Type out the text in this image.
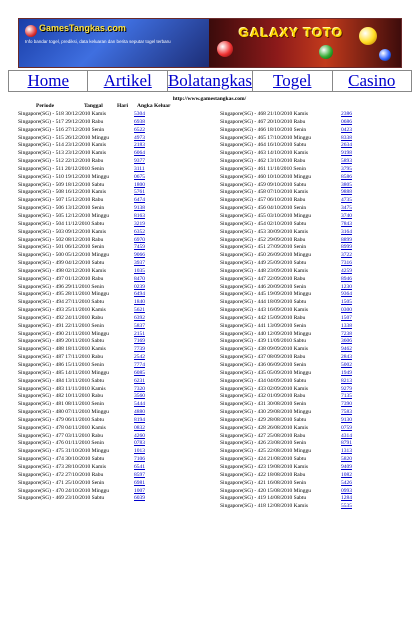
GamesTangkas.com
Info bandar togel, prediksi, data keluaran dan berita seputar togel terbaru
GALAXY TOTO
Home	Artikel Bolatangkas	Togel	Casino
http://www.gamestangkas.com/
Periode	Tanggal	Hari Angka Keluar
Singapore(SG) - 518 30/12/2010 Kamis	5304
Singapore(SG) - 517 29/12/2010 Rabu	6938
Singapore(SG) - 516 27/12/2010 Senin	6522
Singapore(SG) - 515 26/12/2010 Minggu	4973
Singapore(SG) - 514 23/12/2010 Kamis	2183
Singapore(SG) - 513 23/12/2010 Kamis	6064
Singapore(SG) - 512 22/12/2010 Rabu	9377
Singapore(SG) - 511 20/12/2010 Senin	3111
Singapore(SG) - 510 19/12/2010 Minggu	0675
Singapore(SG) - 509 18/12/2010 Sabtu	1800
Singapore(SG) - 508 16/12/2010 Kamis	5761
Singapore(SG) - 507 15/12/2010 Rabu	6474
Singapore(SG) - 506 13/12/2010 Senin	9138
Singapore(SG) - 505 12/12/2010 Minggu	8163
Singapore(SG) - 504 11/12/2010 Sabtu	3219
Singapore(SG) - 503 09/12/2010 Kamis	6352
Singapore(SG) - 502 08/12/2010 Rabu	6970
Singapore(SG) - 501 06/12/2010 Senin	7459
Singapore(SG) - 500 05/12/2010 Minggu	9066
Singapore(SG) - 499 04/12/2010 Sabtu	3937
Singapore(SG) - 498 02/12/2010 Kamis	1035
Singapore(SG) - 497 01/12/2010 Rabu	8470
Singapore(SG) - 496 29/11/2010 Senin	0239
Singapore(SG) - 495 28/11/2010 Minggu	6494
Singapore(SG) - 494 27/11/2010 Sabtu	1840
Singapore(SG) - 493 25/11/2010 Kamis	5621
Singapore(SG) - 492 24/11/2010 Rabu	6392
Singapore(SG) - 491 22/11/2010 Senin	5837
Singapore(SG) - 490 21/11/2010 Minggu	2151
Singapore(SG) - 489 20/11/2010 Sabtu	7169
Singapore(SG) - 488 18/11/2010 Kamis	7739
Singapore(SG) - 487 17/11/2010 Rabu	2542
Singapore(SG) - 486 15/11/2010 Senin	7774
Singapore(SG) - 485 14/11/2010 Minggu	6085
Singapore(SG) - 484 13/11/2010 Sabtu	6231
Singapore(SG) - 483 11/11/2010 Kamis	7320
Singapore(SG) - 482 10/11/2010 Rabu	3560
Singapore(SG) - 481 08/11/2010 Senin	5444
Singapore(SG) - 480 07/11/2010 Minggu	4880
Singapore(SG) - 479 06/11/2010 Sabtu	8194
Singapore(SG) - 478 04/11/2010 Kamis	0832
Singapore(SG) - 477 03/11/2010 Rabu	4260
Singapore(SG) - 476 01/11/2010 Senin	0783
Singapore(SG) - 475 31/10/2010 Minggu	1013
Singapore(SG) - 474 30/10/2010 Sabtu	7106
Singapore(SG) - 473 28/10/2010 Kamis	6541
Singapore(SG) - 472 27/10/2010 Rabu	8597
Singapore(SG) - 471 25/10/2010 Senin	6981
Singapore(SG) - 470 24/10/2010 Minggu	1007
Singapore(SG) - 469 23/10/2010 Sabtu	6039
Singapore(SG) - 468 21/10/2010 Kamis	2386
Singapore(SG) - 467 20/10/2010 Rabu	0686
Singapore(SG) - 466 18/10/2010 Senin	0423
Singapore(SG) - 465 17/10/2010 Minggu	8338
Singapore(SG) - 464 16/10/2010 Sabtu	2634
Singapore(SG) - 463 14/10/2010 Kamis	9198
Singapore(SG) - 462 13/10/2010 Rabu	5893
Singapore(SG) - 461 11/10/2010 Senin	3795
Singapore(SG) - 460 10/10/2010 Minggu	8586
Singapore(SG) - 459 09/10/2010 Sabtu	3805
Singapore(SG) - 458 07/10/2010 Kamis	9888
Singapore(SG) - 457 06/10/2010 Rabu	4735
Singapore(SG) - 456 04/10/2010 Senin	3475
Singapore(SG) - 455 03/10/2010 Minggu	3740
Singapore(SG) - 454 02/10/2010 Sabtu	7843
Singapore(SG) - 453 30/09/2010 Kamis	3164
Singapore(SG) - 452 29/09/2010 Rabu	8899
Singapore(SG) - 451 27/09/2010 Senin	8999
Singapore(SG) - 450 26/09/2010 Minggu	3722
Singapore(SG) - 449 25/09/2010 Sabtu	7316
Singapore(SG) - 448 23/09/2010 Kamis	4259
Singapore(SG) - 447 22/09/2010 Rabu	8946
Singapore(SG) - 446 20/09/2010 Senin	1230
Singapore(SG) - 445 19/09/2010 Minggu	9364
Singapore(SG) - 444 18/09/2010 Sabtu	1505
Singapore(SG) - 443 16/09/2010 Kamis	0300
Singapore(SG) - 442 15/09/2010 Rabu	1507
Singapore(SG) - 441 13/09/2010 Senin	1338
Singapore(SG) - 440 12/09/2010 Minggu	7238
Singapore(SG) - 439 11/09/2010 Sabtu	3606
Singapore(SG) - 438 09/09/2010 Kamis	9462
Singapore(SG) - 437 08/09/2010 Rabu	2843
Singapore(SG) - 436 06/09/2010 Senin	5002
Singapore(SG) - 435 05/09/2010 Minggu	1949
Singapore(SG) - 434 04/09/2010 Sabtu	8213
Singapore(SG) - 433 02/09/2010 Kamis	9279
Singapore(SG) - 432 01/09/2010 Rabu	7135
Singapore(SG) - 431 30/08/2010 Senin	7390
Singapore(SG) - 430 29/08/2010 Minggu	7583
Singapore(SG) - 429 28/08/2010 Sabtu	9130
Singapore(SG) - 428 26/08/2010 Kamis	0759
Singapore(SG) - 427 25/08/2010 Rabu	4314
Singapore(SG) - 426 23/08/2010 Senin	8791
Singapore(SG) - 425 22/08/2010 Minggu	1313
Singapore(SG) - 424 21/08/2010 Sabtu	5820
Singapore(SG) - 423 19/08/2010 Kamis	9409
Singapore(SG) - 422 18/08/2010 Rabu	1082
Singapore(SG) - 421 16/08/2010 Senin	5426
Singapore(SG) - 420 15/08/2010 Minggu	0993
Singapore(SG) - 419 14/08/2010 Sabtu	1284
Singapore(SG) - 418 12/08/2010 Kamis	5535
